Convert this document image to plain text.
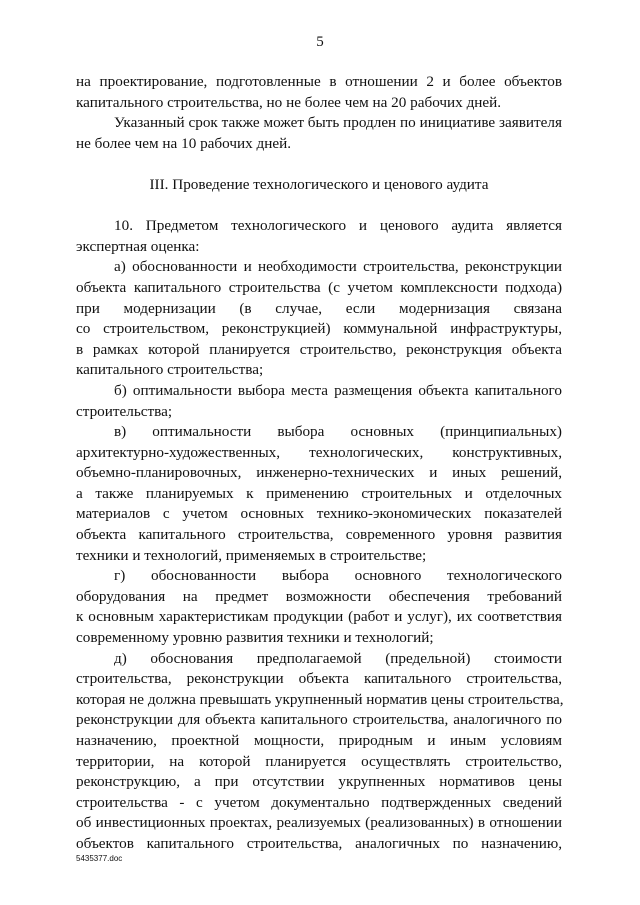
5
на проектирование, подготовленные в отношении 2 и более объектов
капитального строительства, но не более чем на 20 рабочих дней.
Указанный срок также может быть продлен по инициативе заявителя
не более чем на 10 рабочих дней.
III. Проведение технологического и ценового аудита
10. Предметом технологического и ценового аудита является
экспертная оценка:
а) обоснованности и необходимости строительства, реконструкции
объекта капитального строительства (с учетом комплексности подхода)
при модернизации (в случае, если модернизация связана
со строительством, реконструкцией) коммунальной инфраструктуры,
в рамках которой планируется строительство, реконструкция объекта
капитального строительства;
б) оптимальности выбора места размещения объекта капитального
строительства;
в) оптимальности выбора основных (принципиальных)
архитектурно-художественных, технологических, конструктивных,
объемно-планировочных, инженерно-технических и иных решений,
а также планируемых к применению строительных и отделочных
материалов с учетом основных технико-экономических показателей
объекта капитального строительства, современного уровня развития
техники и технологий, применяемых в строительстве;
г) обоснованности выбора основного технологического
оборудования на предмет возможности обеспечения требований
к основным характеристикам продукции (работ и услуг), их соответствия
современному уровню развития техники и технологий;
д) обоснования предполагаемой (предельной) стоимости
строительства, реконструкции объекта капитального строительства,
которая не должна превышать укрупненный норматив цены строительства,
реконструкции для объекта капитального строительства, аналогичного по
назначению, проектной мощности, природным и иным условиям
территории, на которой планируется осуществлять строительство,
реконструкцию, а при отсутствии укрупненных нормативов цены
строительства - с учетом документально подтвержденных сведений
об инвестиционных проектах, реализуемых (реализованных) в отношении
объектов капитального строительства, аналогичных по назначению,
5435377.doc
